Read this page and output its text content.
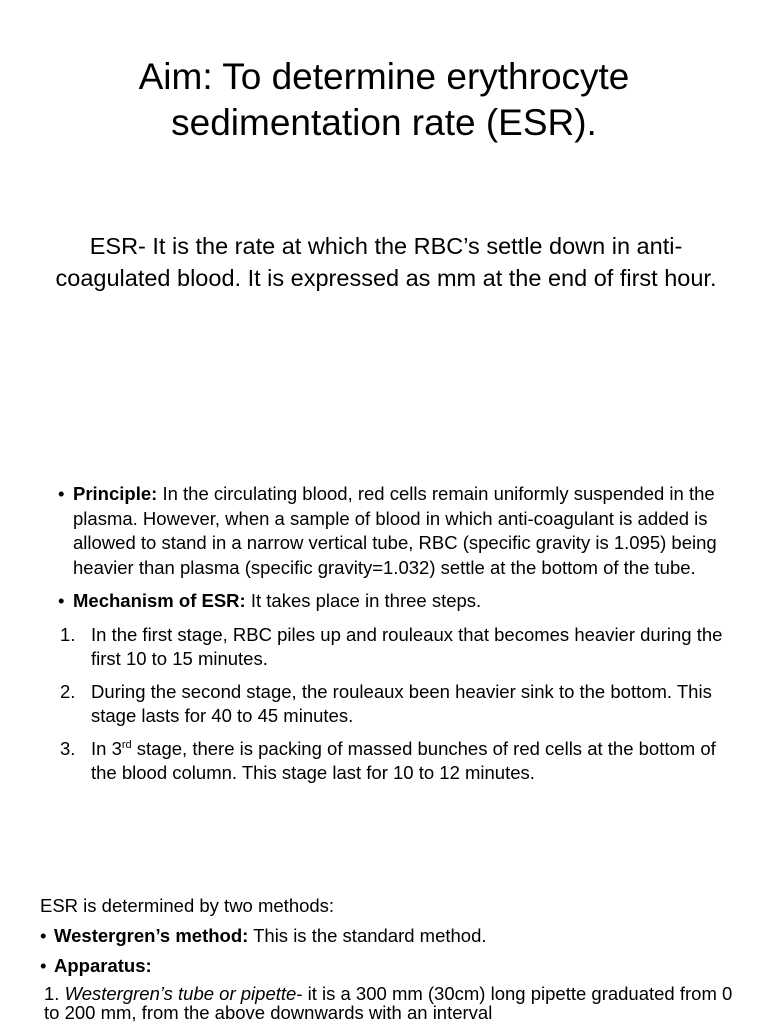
Aim: To determine erythrocyte sedimentation rate (ESR).

ESR- It is the rate at which the RBC’s settle down in anti-coagulated blood. It is expressed as mm at the end of first hour.

• Principle: In the circulating blood, red cells remain uniformly suspended in the plasma. However, when a sample of blood in which anti-coagulant is added is allowed to stand in a narrow vertical tube, RBC (specific gravity is 1.095) being heavier than plasma (specific gravity=1.032) settle at the bottom of the tube.

• Mechanism of ESR: It takes place in three steps.

1. In the first stage, RBC piles up and rouleaux that becomes heavier during the first 10 to 15 minutes.

2. During the second stage, the rouleaux been heavier sink to the bottom. This stage lasts for 40 to 45 minutes.

3. In 3rd stage, there is packing of massed bunches of red cells at the bottom of the blood column. This stage last for 10 to 12 minutes.

ESR is determined by two methods:

• Westergren’s method: This is the standard method.

• Apparatus:

1. Westergren’s tube or pipette- it is a 300 mm (30cm) long pipette graduated from 0 to 200 mm, from the above downwards with an interval
